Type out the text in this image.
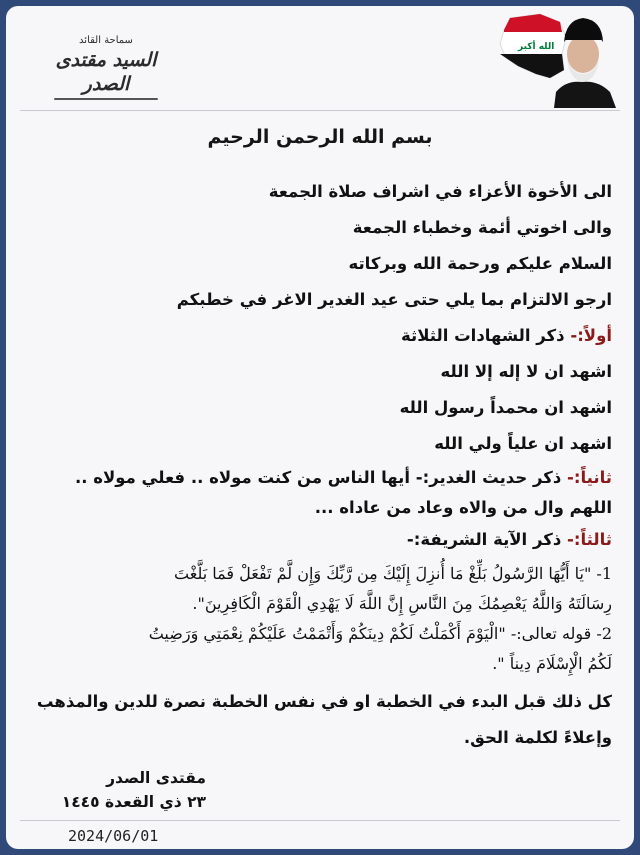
سماحة القائد
السيد مقتدى الصدر
الله أكبر
بسم الله الرحمن الرحيم
الى الأخوة الأعزاء في اشراف صلاة الجمعة
والى اخوتي أئمة وخطباء الجمعة
السلام عليكم ورحمة الله وبركاته
ارجو الالتزام بما يلي حتى عيد الغدير الاغر في خطبكم
أولاً:- ذكر الشهادات الثلاثة
اشهد ان لا إله إلا الله
اشهد ان محمداً رسول الله
اشهد ان علياً ولي الله
ثانياً:- ذكر حديث الغدير:- أيها الناس من كنت مولاه .. فعلي مولاه ..
اللهم وال من والاه وعاد من عاداه ...
ثالثاً:- ذكر الآية الشريفة:-
1- "يَا أَيُّهَا الرَّسُولُ بَلِّغْ مَا أُنزِلَ إِلَيْكَ مِن رَّبِّكَ وَإِن لَّمْ تَفْعَلْ فَمَا بَلَّغْتَ
رِسَالَتَهُ وَاللَّهُ يَعْصِمُكَ مِنَ النَّاسِ إِنَّ اللَّهَ لَا يَهْدِي الْقَوْمَ الْكَافِرِينَ".
2- قوله تعالى:- "الْيَوْمَ أَكْمَلْتُ لَكُمْ دِينَكُمْ وَأَتْمَمْتُ عَلَيْكُمْ نِعْمَتِي وَرَضِيتُ
لَكُمُ الْإِسْلَامَ دِيناً ".
كل ذلك قبل البدء في الخطبة او في نفس الخطبة نصرة للدين والمذهب
وإعلاءً لكلمة الحق.
مقتدى الصدر
٢٣ ذي القعدة ١٤٤٥
2024/06/01
